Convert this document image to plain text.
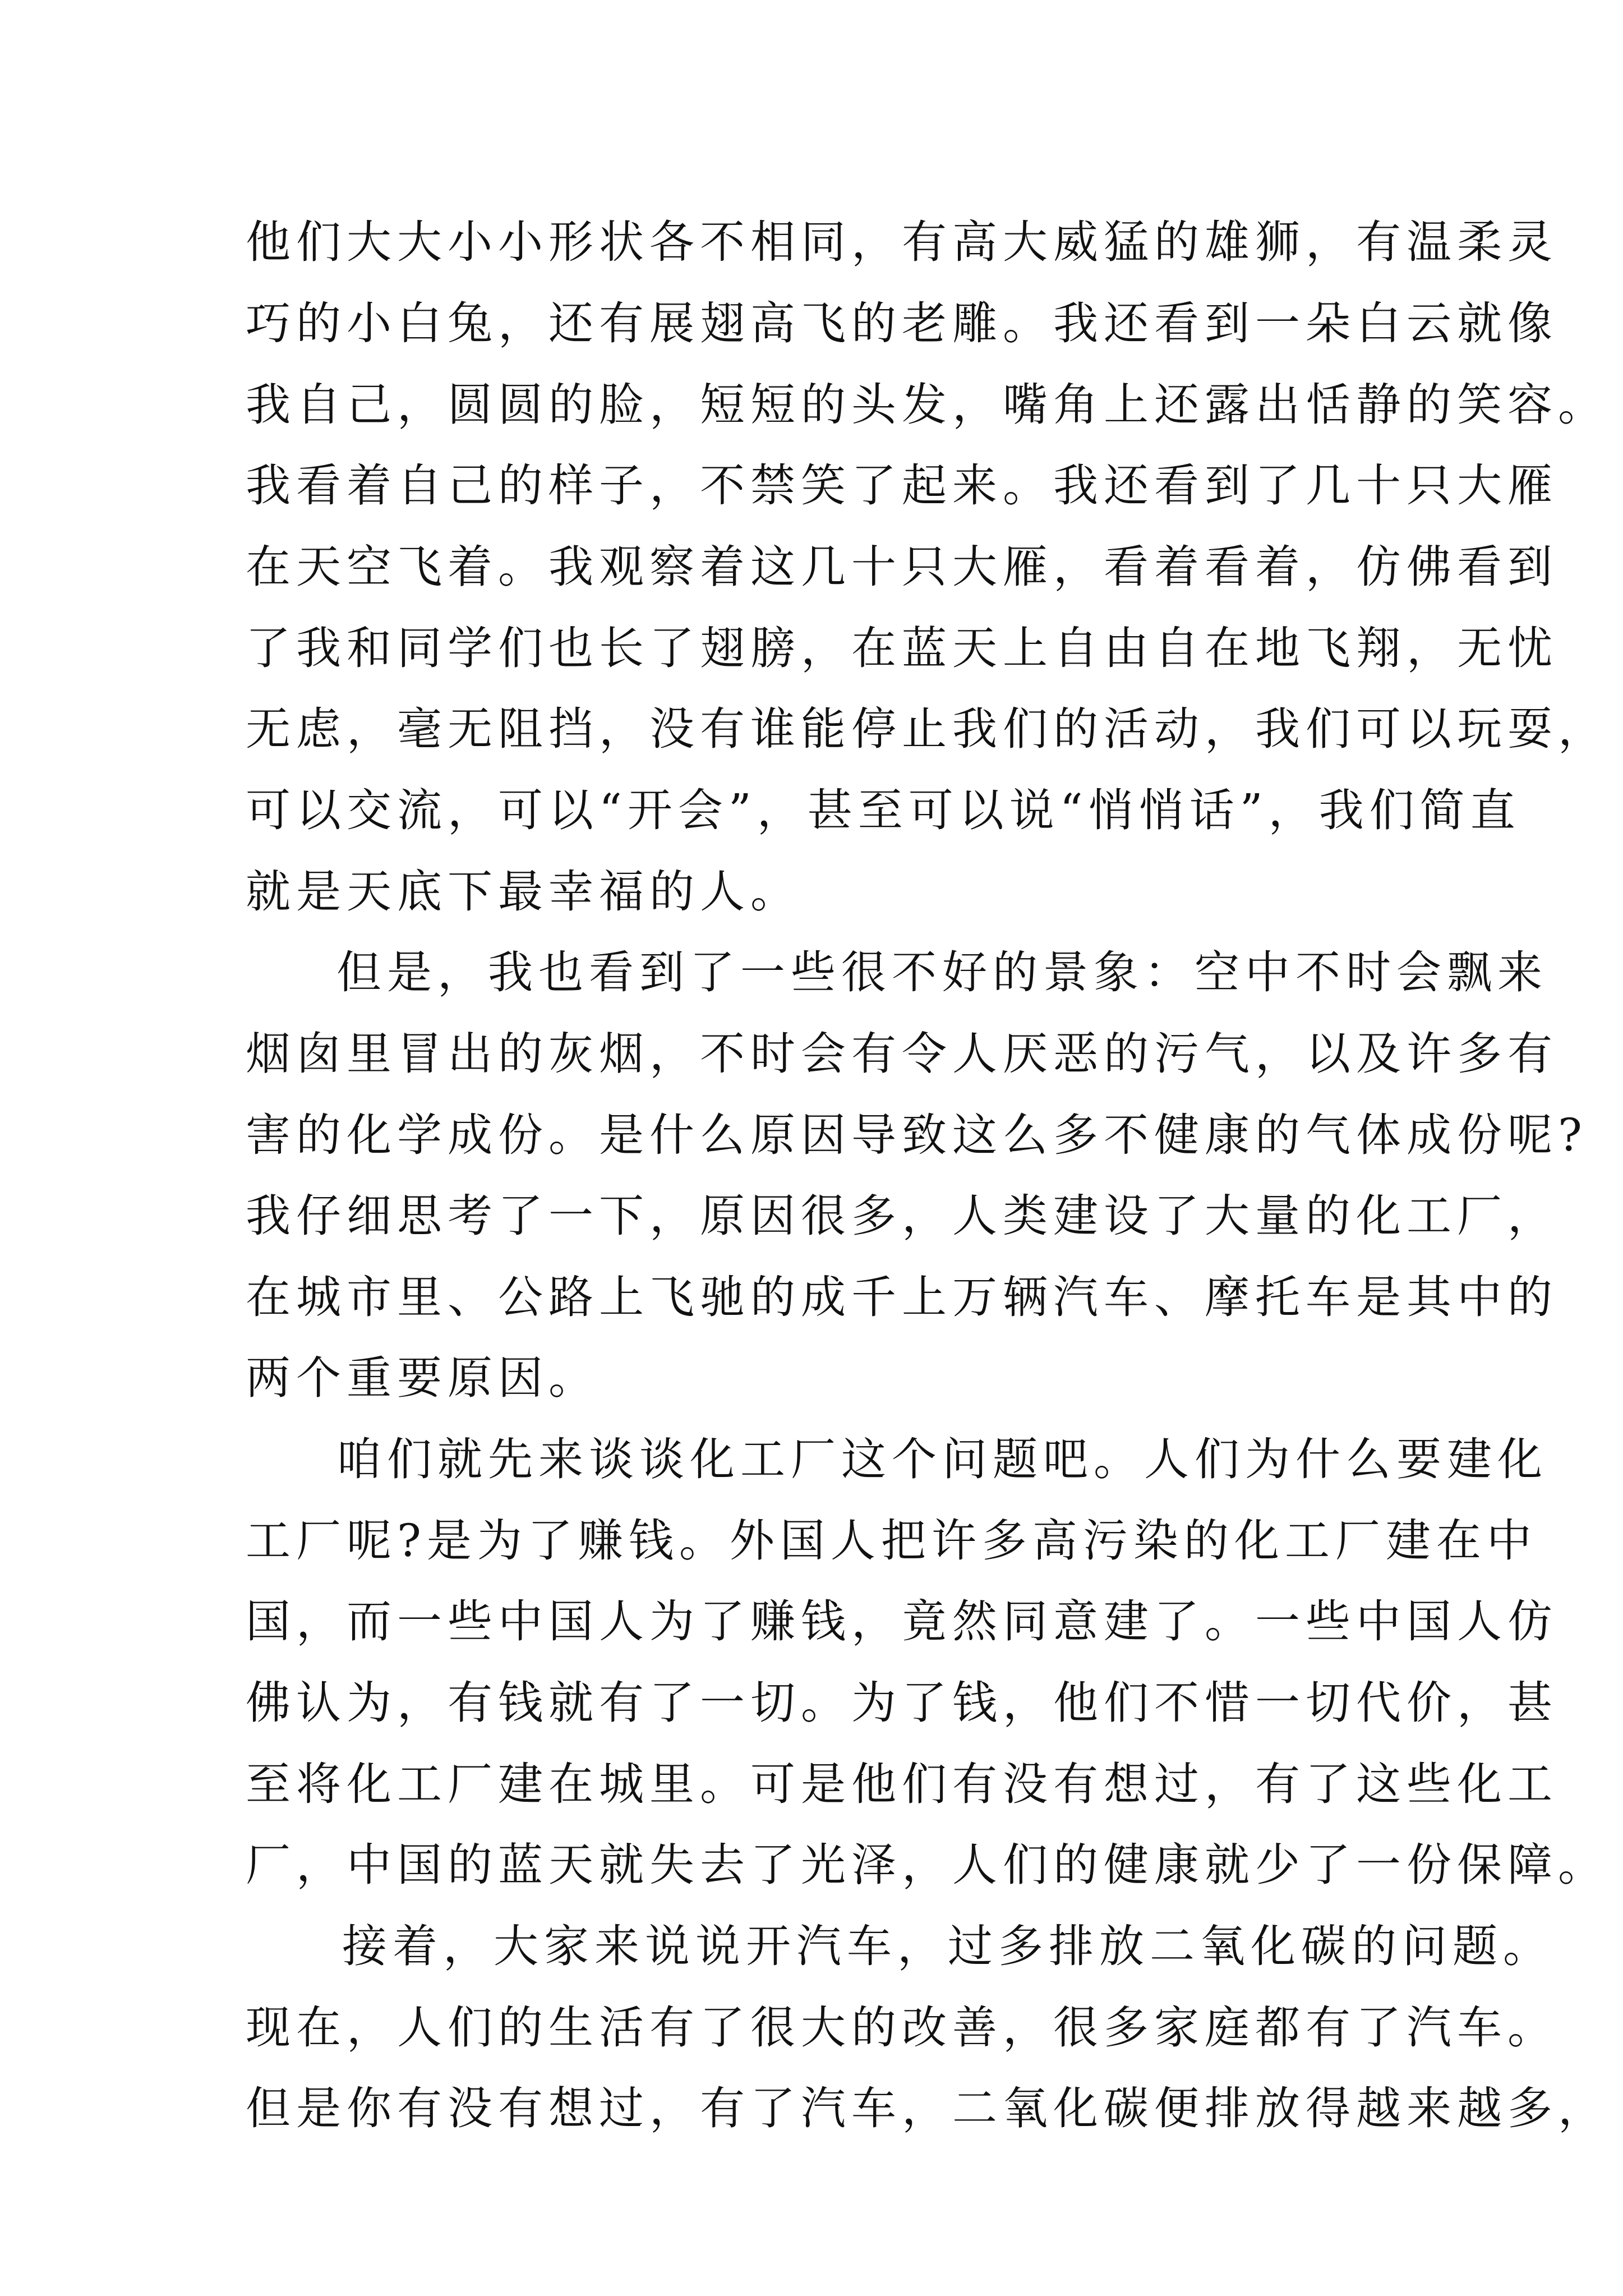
他们大大小小形状各不相同，有高大威猛的雄狮，有温柔灵
巧的小白兔，还有展翅高飞的老雕。我还看到一朵白云就像
我自己，圆圆的脸，短短的头发，嘴角上还露出恬静的笑容。
我看着自己的样子，不禁笑了起来。我还看到了几十只大雁
在天空飞着。我观察着这几十只大雁，看着看着，仿佛看到
了我和同学们也长了翅膀，在蓝天上自由自在地飞翔，无忧
无虑，毫无阻挡，没有谁能停止我们的活动，我们可以玩耍，
可以交流，可以“开会”，甚至可以说“悄悄话”，我们简直
就是天底下最幸福的人。
但是，我也看到了一些很不好的景象：空中不时会飘来
烟囱里冒出的灰烟，不时会有令人厌恶的污气，以及许多有
害的化学成份。是什么原因导致这么多不健康的气体成份呢?
我仔细思考了一下，原因很多，人类建设了大量的化工厂，
在城市里、公路上飞驰的成千上万辆汽车、摩托车是其中的
两个重要原因。
咱们就先来谈谈化工厂这个问题吧。人们为什么要建化
工厂呢?是为了赚钱。外国人把许多高污染的化工厂建在中
国，而一些中国人为了赚钱，竟然同意建了。一些中国人仿
佛认为，有钱就有了一切。为了钱，他们不惜一切代价，甚
至将化工厂建在城里。可是他们有没有想过，有了这些化工
厂，中国的蓝天就失去了光泽，人们的健康就少了一份保障。
接着，大家来说说开汽车，过多排放二氧化碳的问题。
现在，人们的生活有了很大的改善，很多家庭都有了汽车。
但是你有没有想过，有了汽车，二氧化碳便排放得越来越多，
